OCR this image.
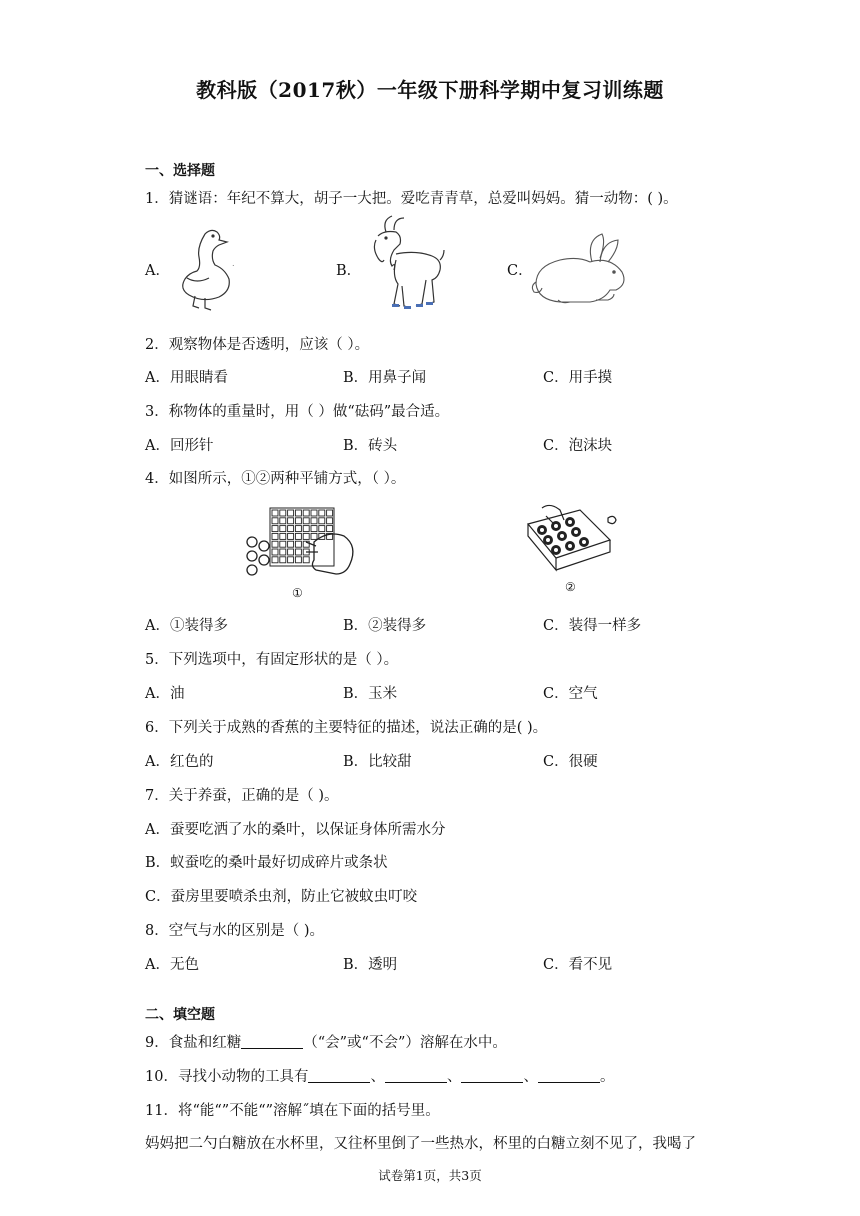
教科版（2017秋）一年级下册科学期中复习训练题
一、选择题
1．猜谜语：年纪不算大，胡子一大把。爱吃青青草，总爱叫妈妈。猜一动物：( )。
A．	.	B．	C．
2．观察物体是否透明，应该（ ）。
A．用眼睛看	B．用鼻子闻	C．用手摸
3．称物体的重量时，用（ ）做“砝码”最合适。
A．回形针	B．砖头	C．泡沫块
4．如图所示，①②两种平铺方式，（ ）。
①	②
A．①装得多	B．②装得多	C．装得一样多
5．下列选项中，有固定形状的是（ ）。
A．油	B．玉米	C．空气
6．下列关于成熟的香蕉的主要特征的描述，说法正确的是( )。
A．红色的	B．比较甜	C．很硬
7．关于养蚕，正确的是（ )。
A．蚕要吃洒了水的桑叶，以保证身体所需水分
B．蚁蚕吃的桑叶最好切成碎片或条状
C．蚕房里要喷杀虫剂，防止它被蚊虫叮咬
8．空气与水的区别是（ )。
A．无色	B．透明	C．看不见
二、填空题
9．食盐和红糖	（“会”或“不会”）溶解在水中。
10．寻找小动物的工具有	、	、	、	。
11．将“能“”不能“”溶解˝填在下面的括号里。
妈妈把二勺白糖放在水杯里，又往杯里倒了一些热水，杯里的白糖立刻不见了，我喝了
试卷第1页，共3页
